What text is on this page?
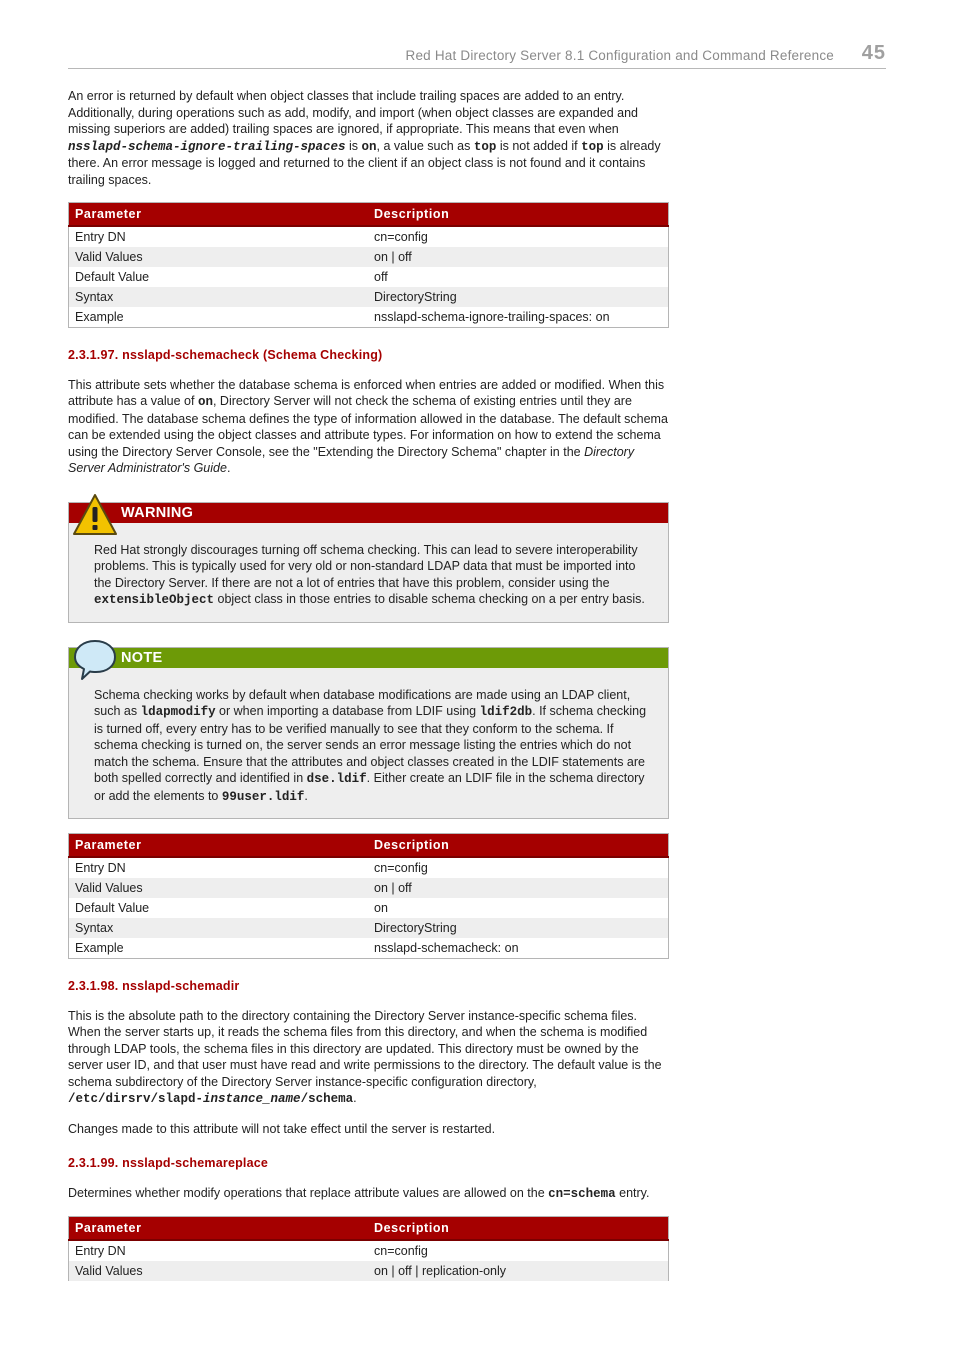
Red Hat Directory Server 8.1 Configuration and Command Reference 45

An error is returned by default when object classes that include trailing spaces are added to an entry. Additionally, during operations such as add, modify, and import (when object classes are expanded and missing superiors are added) trailing spaces are ignored, if appropriate. This means that even when nsslapd-schema-ignore-trailing-spaces is on, a value such as top is not added if top is already there. An error message is logged and returned to the client if an object class is not found and it contains trailing spaces.

Parameter	Description
Entry DN	cn=config
Valid Values	on | off
Default Value	off
Syntax	DirectoryString
Example	nsslapd-schema-ignore-trailing-spaces: on
2.3.1.97. nsslapd-schemacheck (Schema Checking)

This attribute sets whether the database schema is enforced when entries are added or modified. When this attribute has a value of on, Directory Server will not check the schema of existing entries until they are modified. The database schema defines the type of information allowed in the database. The default schema can be extended using the object classes and attribute types. For information on how to extend the schema using the Directory Server Console, see the "Extending the Directory Schema" chapter in the Directory Server Administrator's Guide.

WARNING
Red Hat strongly discourages turning off schema checking. This can lead to severe interoperability problems. This is typically used for very old or non-standard LDAP data that must be imported into the Directory Server. If there are not a lot of entries that have this problem, consider using the extensibleObject object class in those entries to disable schema checking on a per entry basis.
NOTE
Schema checking works by default when database modifications are made using an LDAP client, such as ldapmodify or when importing a database from LDIF using ldif2db. If schema checking is turned off, every entry has to be verified manually to see that they conform to the schema. If schema checking is turned on, the server sends an error message listing the entries which do not match the schema. Ensure that the attributes and object classes created in the LDIF statements are both spelled correctly and identified in dse.ldif. Either create an LDIF file in the schema directory or add the elements to 99user.ldif.
Parameter	Description
Entry DN	cn=config
Valid Values	on | off
Default Value	on
Syntax	DirectoryString
Example	nsslapd-schemacheck: on
2.3.1.98. nsslapd-schemadir

This is the absolute path to the directory containing the Directory Server instance-specific schema files. When the server starts up, it reads the schema files from this directory, and when the schema is modified through LDAP tools, the schema files in this directory are updated. This directory must be owned by the server user ID, and that user must have read and write permissions to the directory. The default value is the schema subdirectory of the Directory Server instance-specific configuration directory, /etc/dirsrv/slapd-instance_name/schema.

Changes made to this attribute will not take effect until the server is restarted.

2.3.1.99. nsslapd-schemareplace

Determines whether modify operations that replace attribute values are allowed on the cn=schema entry.

Parameter	Description
Entry DN	cn=config
Valid Values	on | off | replication-only
